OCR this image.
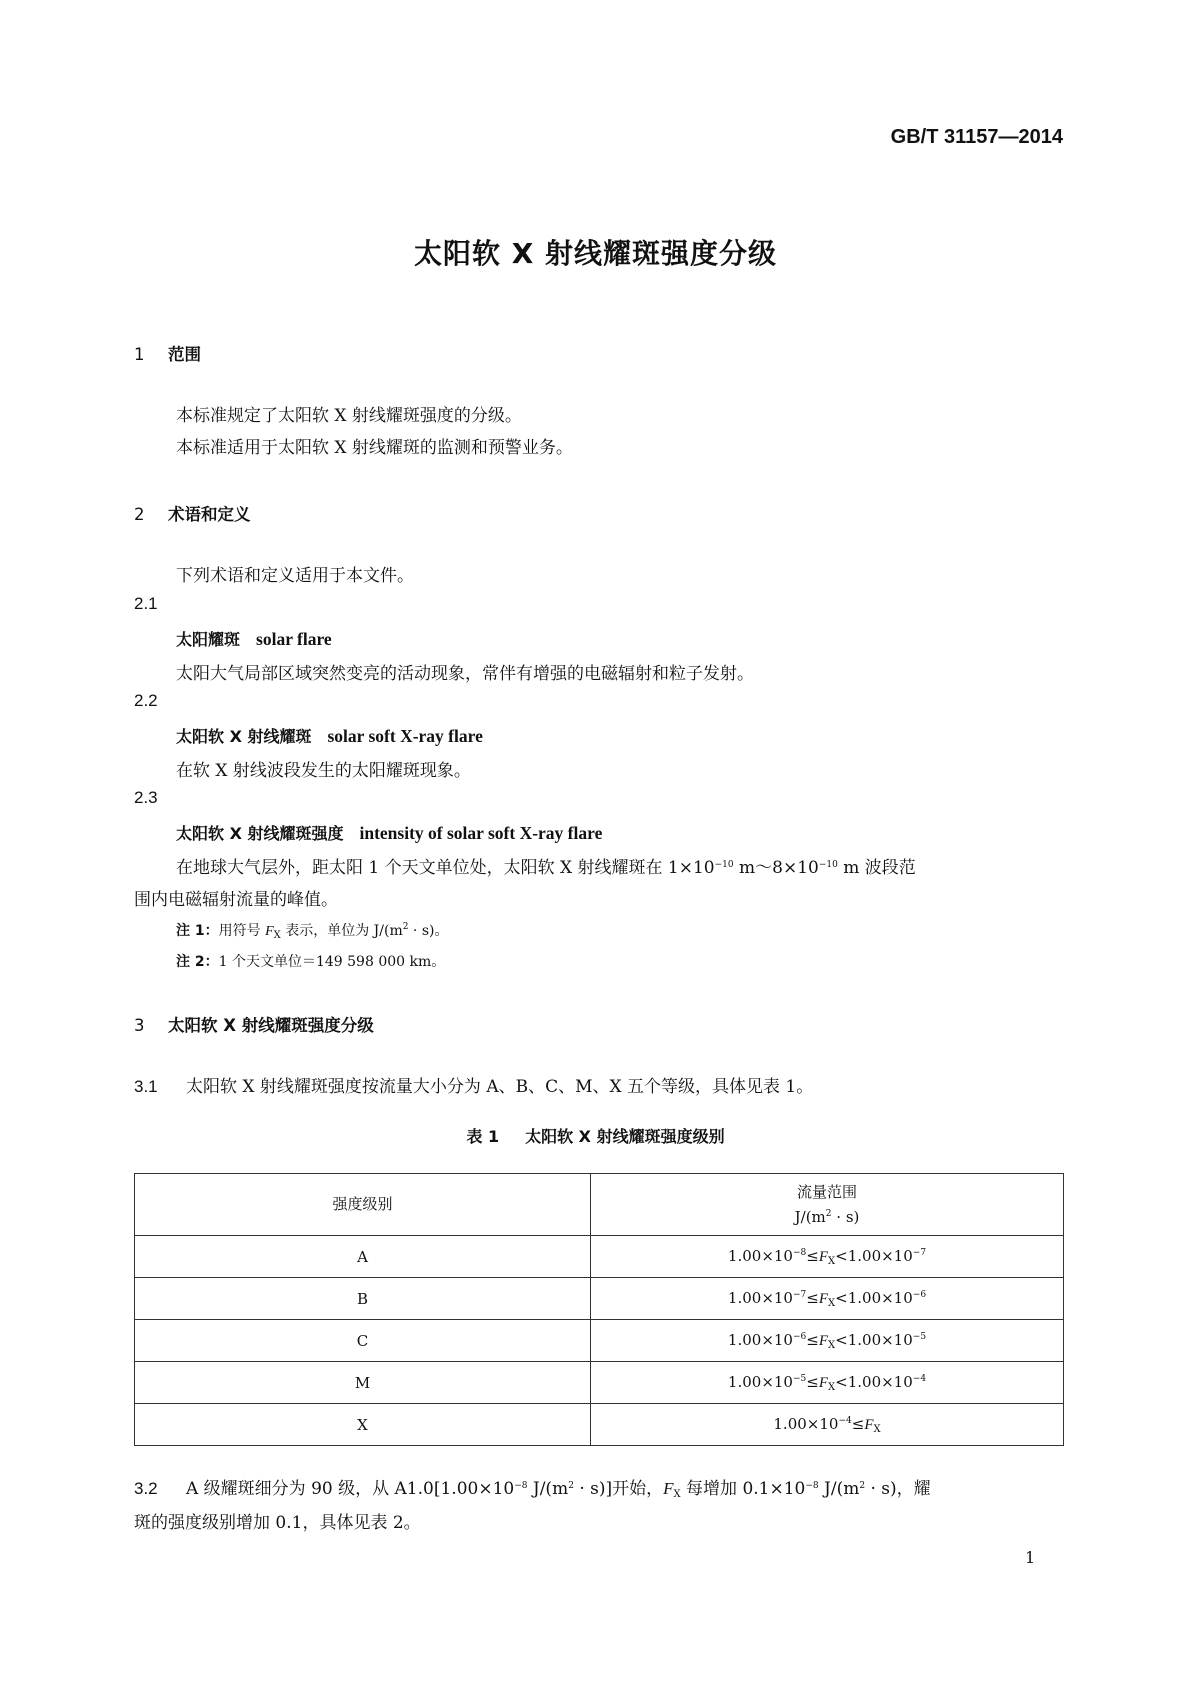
GB/T 31157—2014
太阳软 X 射线耀斑强度分级
1 范围
本标准规定了太阳软 X 射线耀斑强度的分级。
本标准适用于太阳软 X 射线耀斑的监测和预警业务。
2 术语和定义
下列术语和定义适用于本文件。
2.1
太阳耀斑 solar flare
太阳大气局部区域突然变亮的活动现象，常伴有增强的电磁辐射和粒子发射。
2.2
太阳软 X 射线耀斑 solar soft X-ray flare
在软 X 射线波段发生的太阳耀斑现象。
2.3
太阳软 X 射线耀斑强度 intensity of solar soft X-ray flare
在地球大气层外，距太阳 1 个天文单位处，太阳软 X 射线耀斑在 $1\times 10^{-10}$ $m\sim 8\times 10^{-10}$ m 波段范
围内电磁辐射流量的峰值。
注 1：用符号 $F_X$ 表示，单位为 $J/(m^2 \cdot s)$。
注 2：1 个天文单位＝149 598 000 km。
3 太阳软 X 射线耀斑强度分级
3.1 太阳软 X 射线耀斑强度按流量大小分为 A、B、C、M、X 五个等级，具体见表 1。
表 1 太阳软 X 射线耀斑强度级别
强度级别	流量范围
$J/(m^2 \cdot s)$

A	$1.00\times 10^{-8}\le F_X<1.00\times 10^{-7}$
B	$1.00\times 10^{-7}\le F_X<1.00\times 10^{-6}$
C	$1.00\times 10^{-6}\le F_X<1.00\times 10^{-5}$
M	$1.00\times 10^{-5}\le F_X<1.00\times 10^{-4}$
X	$1.00\times 10^{-4}\le F_X$
3.2 A 级耀斑细分为 90 级，从 $A1.0[1.00\times 10^{-8}$ $J/(m^2 \cdot s)$]开始，$F_X$ 每增加 $0.1\times 10^{-8}$ $J/(m^2 \cdot s)$，耀
斑的强度级别增加 0.1，具体见表 2。
1
